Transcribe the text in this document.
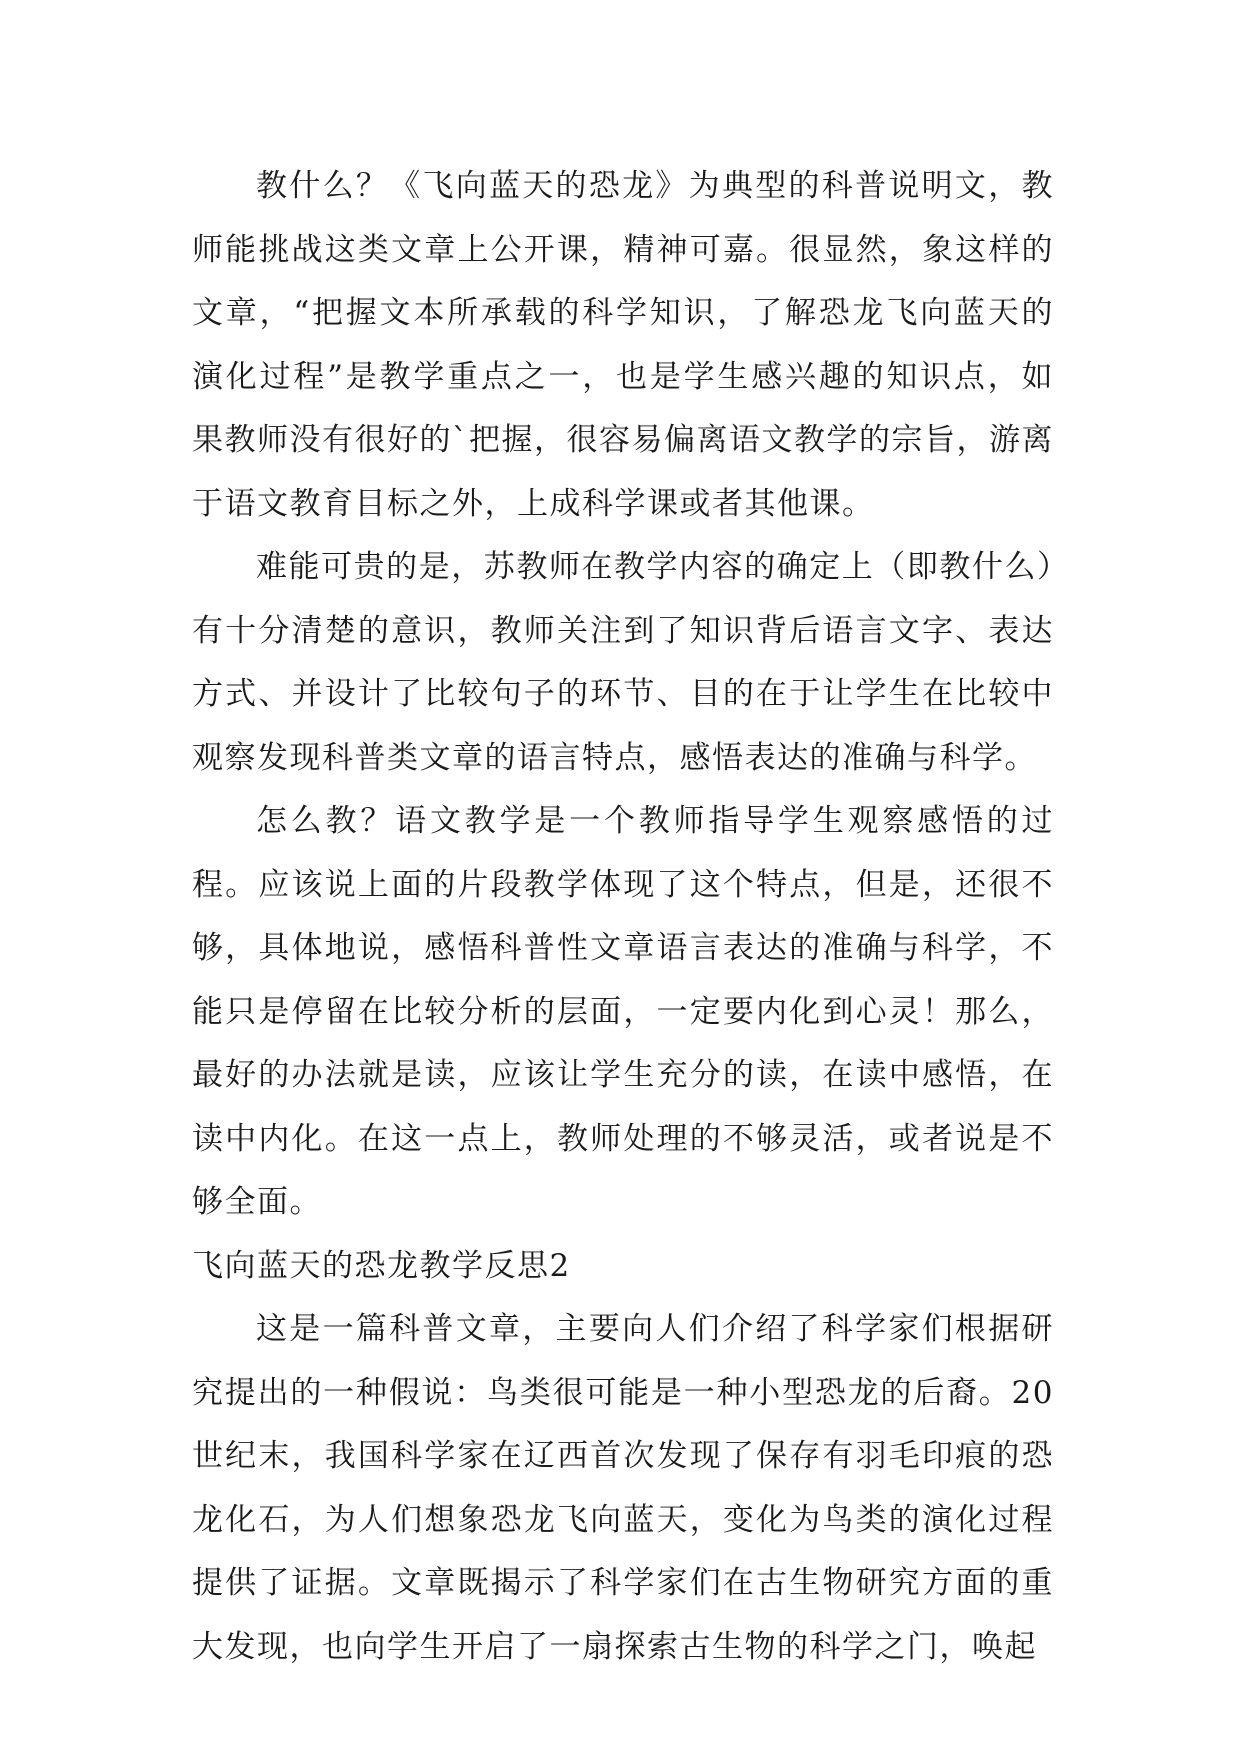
教什么？《飞向蓝天的恐龙》为典型的科普说明文，教师能挑战这类文章上公开课，精神可嘉。很显然，象这样的文章，“把握文本所承载的科学知识，了解恐龙飞向蓝天的演化过程”是教学重点之一，也是学生感兴趣的知识点，如果教师没有很好的`把握，很容易偏离语文教学的宗旨，游离于语文教育目标之外，上成科学课或者其他课。

难能可贵的是，苏教师在教学内容的确定上（即教什么）有十分清楚的意识，教师关注到了知识背后语言文字、表达方式、并设计了比较句子的环节、目的在于让学生在比较中观察发现科普类文章的语言特点，感悟表达的准确与科学。

怎么教？语文教学是一个教师指导学生观察感悟的过程。应该说上面的片段教学体现了这个特点，但是，还很不够，具体地说，感悟科普性文章语言表达的准确与科学，不能只是停留在比较分析的层面，一定要内化到心灵！那么，最好的办法就是读，应该让学生充分的读，在读中感悟，在读中内化。在这一点上，教师处理的不够灵活，或者说是不够全面。

飞向蓝天的恐龙教学反思2

这是一篇科普文章，主要向人们介绍了科学家们根据研究提出的一种假说：鸟类很可能是一种小型恐龙的后裔。20世纪末，我国科学家在辽西首次发现了保存有羽毛印痕的恐龙化石，为人们想象恐龙飞向蓝天，变化为鸟类的演化过程提供了证据。文章既揭示了科学家们在古生物研究方面的重大发现，也向学生开启了一扇探索古生物的科学之门，唤起
